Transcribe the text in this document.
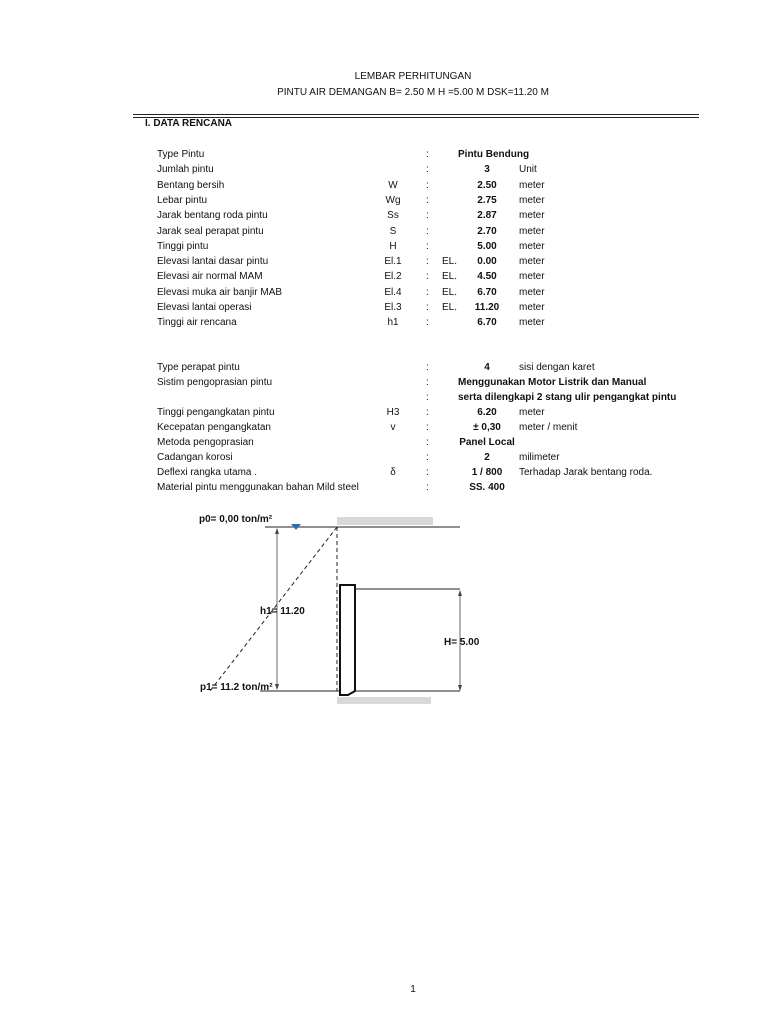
LEMBAR PERHITUNGAN
PINTU AIR DEMANGAN B= 2.50 M H =5.00 M DSK=11.20 M
I. DATA RENCANA
Type Pintu	:	Pintu Bendung
Jumlah pintu	:	3	Unit
Bentang bersih	W	:	2.50	meter
Lebar pintu	Wg	:	2.75	meter
Jarak bentang roda pintu	Ss	:	2.87	meter
Jarak seal perapat pintu	S	:	2.70	meter
Tinggi pintu	H	:	5.00	meter
Elevasi lantai dasar pintu	El.1 : EL.	0.00	meter
Elevasi air normal MAM	El.2 : EL.	4.50	meter
Elevasi muka air banjir MAB	El.4 : EL.	6.70	meter
Elevasi lantai operasi	El.3 : EL.	11.20	meter
Tinggi air rencana	h1	:	6.70	meter
Type perapat pintu	:	4	sisi dengan karet
Sistim pengoprasian pintu	:	Menggunakan Motor Listrik dan Manual
:	serta dilengkapi 2 stang ulir pengangkat pintu
Tinggi pengangkatan pintu	H3	:	6.20	meter
Kecepatan pengangkatan	v	:	± 0,30	meter / menit
Metoda pengoprasian	:	Panel Local
Cadangan korosi	:	2	milimeter
Deflexi rangka utama .	δ	:	1 / 800	Terhadap Jarak bentang roda.
Material pintu menggunakan bahan Mild steel	:	SS. 400
p0= 0,00 ton/m²
h1= 11.20
H= 5.00
p1= 11.2 ton/m²
1
